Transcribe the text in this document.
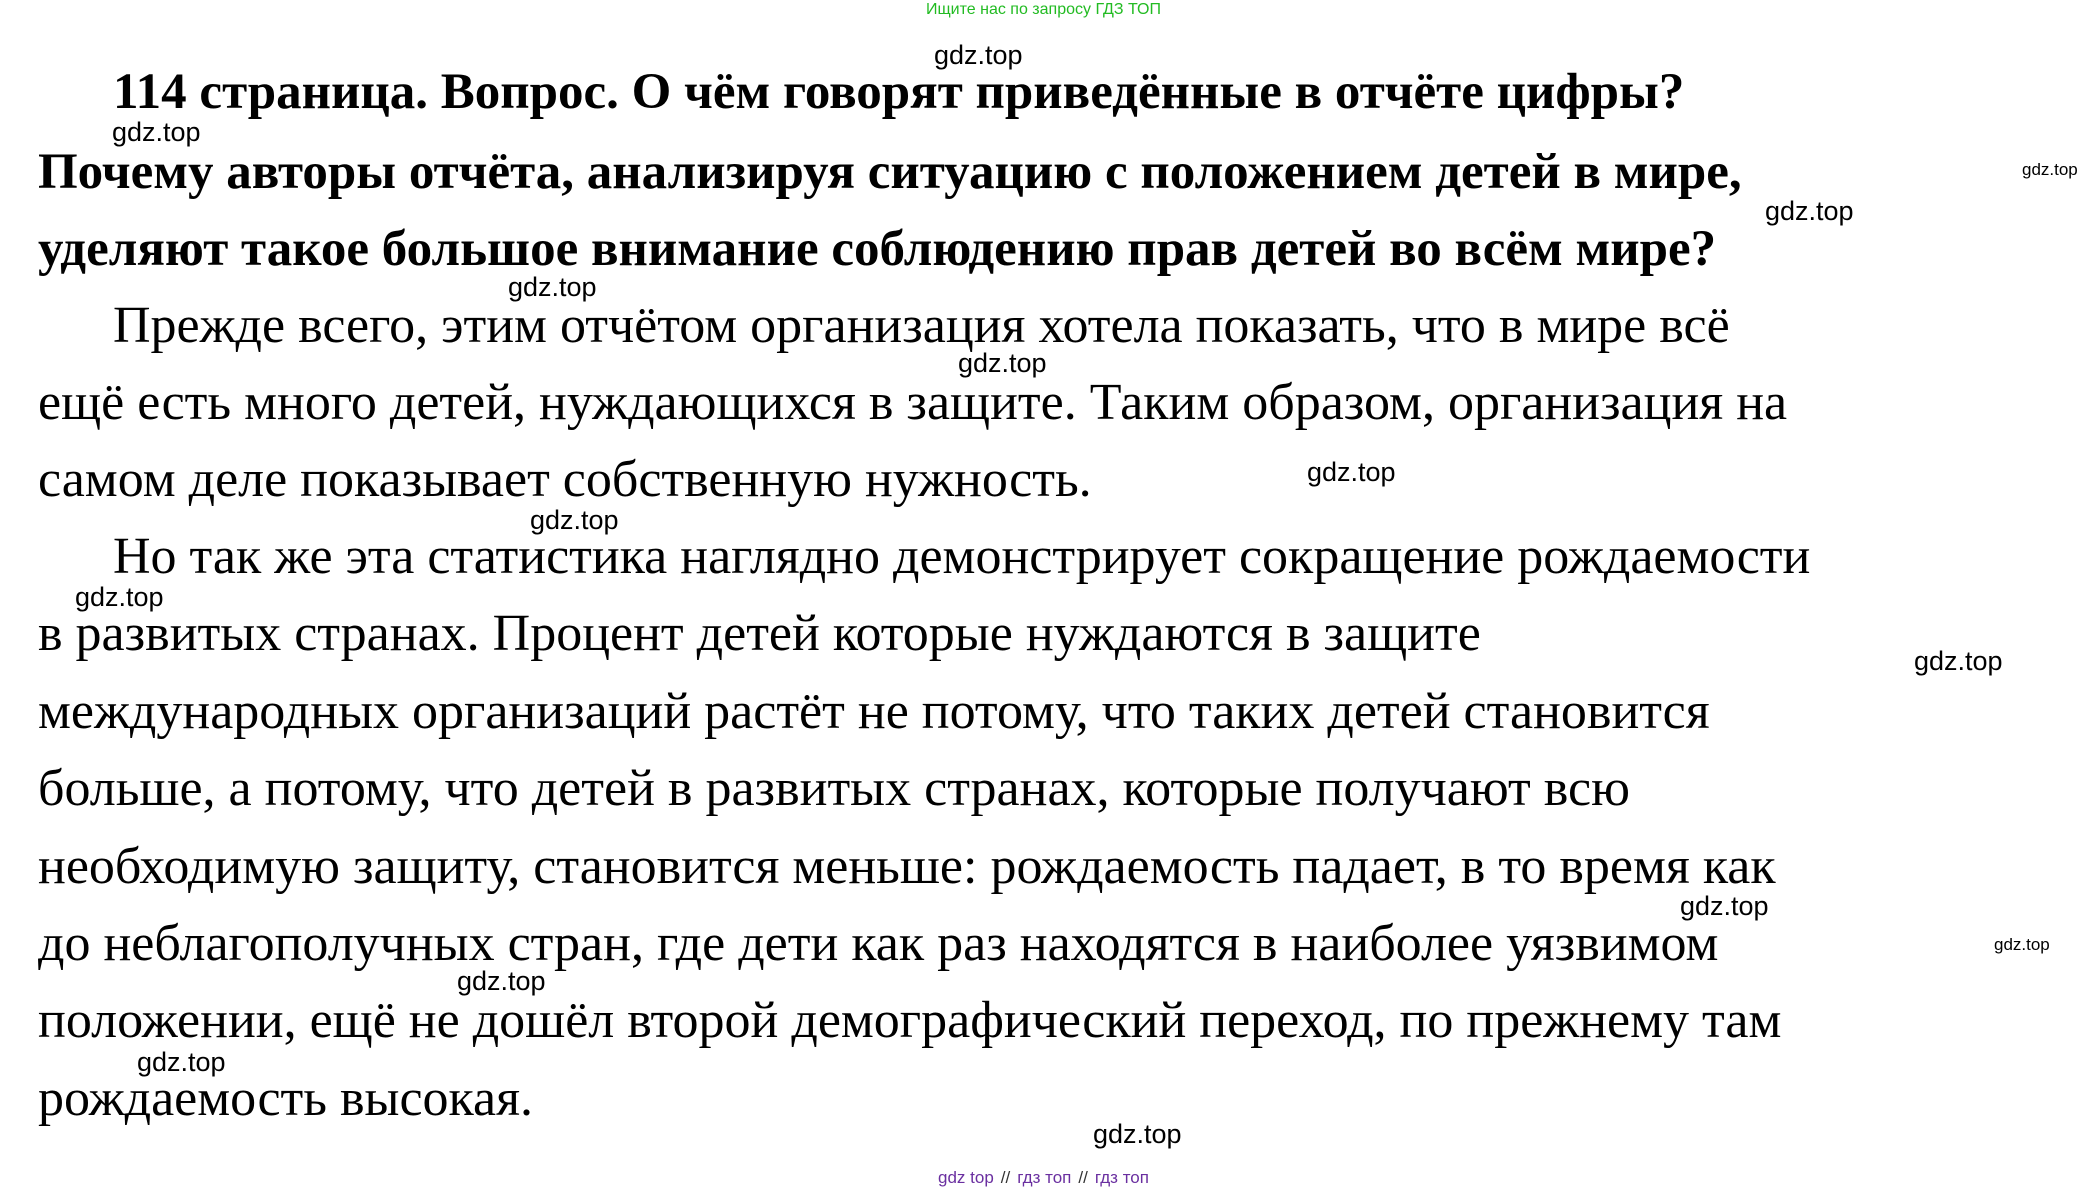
Ищите нас по запросу ГДЗ ТОП
114 страница. Вопрос. О чём говорят приведённые в отчёте цифры?
Почему авторы отчёта, анализируя ситуацию с положением детей в мире,
уделяют такое большое внимание соблюдению прав детей во всём мире?
Прежде всего, этим отчётом организация хотела показать, что в мире всё
ещё есть много детей, нуждающихся в защите. Таким образом, организация на
самом деле показывает собственную нужность.
Но так же эта статистика наглядно демонстрирует сокращение рождаемости
в развитых странах. Процент детей которые нуждаются в защите
международных организаций растёт не потому, что таких детей становится
больше, а потому, что детей в развитых странах, которые получают всю
необходимую защиту, становится меньше: рождаемость падает, в то время как
до неблагополучных стран, где дети как раз находятся в наиболее уязвимом
положении, ещё не дошёл второй демографический переход, по прежнему там
рождаемость высокая.
gdz.top
gdz.top
gdz.top
gdz.top
gdz.top
gdz.top
gdz.top
gdz.top
gdz.top
gdz.top
gdz.top
gdz.top
gdz.top
gdz.top
gdz.top
gdz top // гдз топ // гдз топ
